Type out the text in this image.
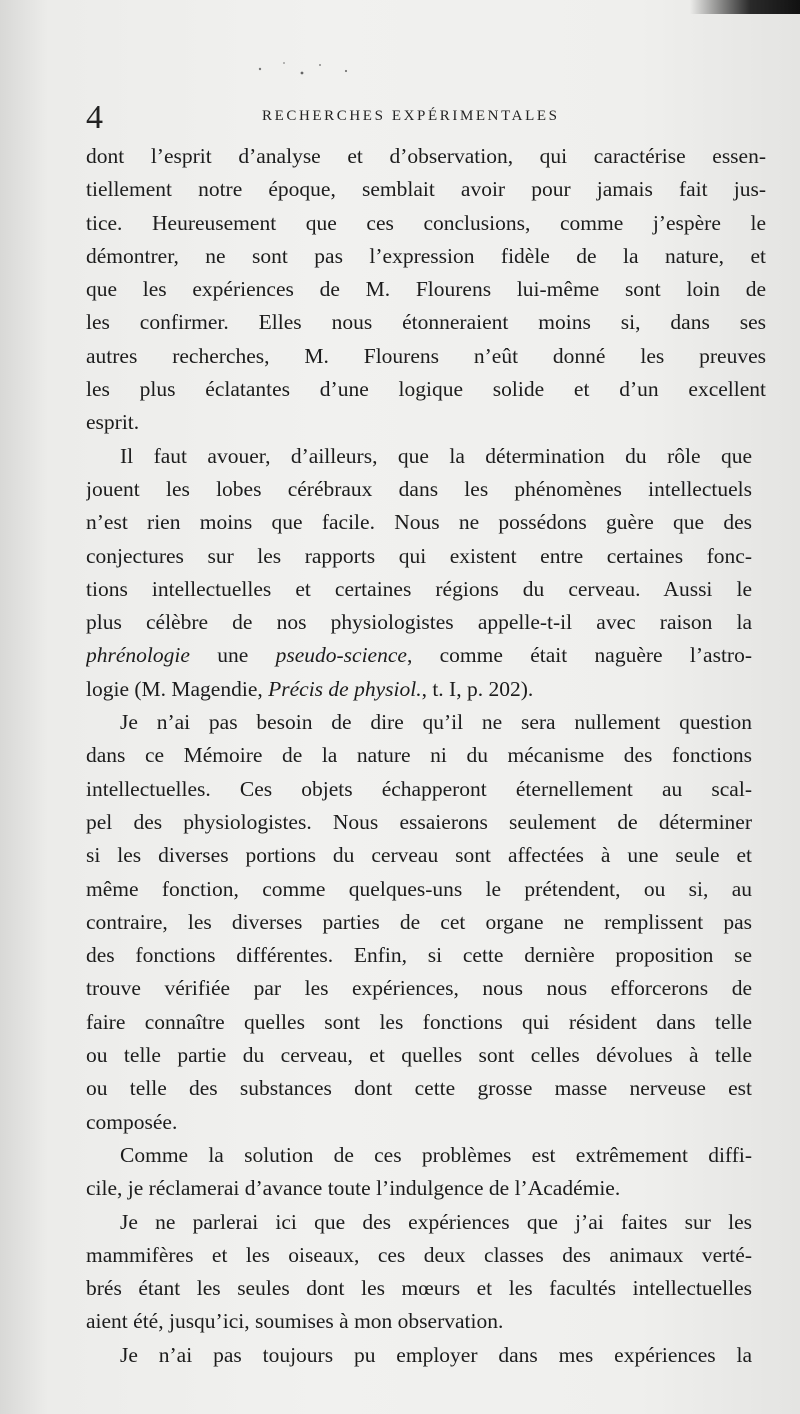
4	RECHERCHES EXPÉRIMENTALES
dont l’esprit d’analyse et d’observation, qui caractérise essen-
tiellement notre époque, semblait avoir pour jamais fait jus-
tice. Heureusement que ces conclusions, comme j’espère le
démontrer, ne sont pas l’expression fidèle de la nature, et
que les expériences de M. Flourens lui-même sont loin de
les confirmer. Elles nous étonneraient moins si, dans ses
autres recherches, M. Flourens n’eût donné les preuves
les plus éclatantes d’une logique solide et d’un excellent
esprit.
Il faut avouer, d’ailleurs, que la détermination du rôle que
jouent les lobes cérébraux dans les phénomènes intellectuels
n’est rien moins que facile. Nous ne possédons guère que des
conjectures sur les rapports qui existent entre certaines fonc-
tions intellectuelles et certaines régions du cerveau. Aussi le
plus célèbre de nos physiologistes appelle-t-il avec raison la
phrénologie une pseudo-science, comme était naguère l’astro-
logie (M. Magendie, Précis de physiol., t. I, p. 202).
Je n’ai pas besoin de dire qu’il ne sera nullement question
dans ce Mémoire de la nature ni du mécanisme des fonctions
intellectuelles. Ces objets échapperont éternellement au scal-
pel des physiologistes. Nous essaierons seulement de déterminer
si les diverses portions du cerveau sont affectées à une seule et
même fonction, comme quelques-uns le prétendent, ou si, au
contraire, les diverses parties de cet organe ne remplissent pas
des fonctions différentes. Enfin, si cette dernière proposition se
trouve vérifiée par les expériences, nous nous efforcerons de
faire connaître quelles sont les fonctions qui résident dans telle
ou telle partie du cerveau, et quelles sont celles dévolues à telle
ou telle des substances dont cette grosse masse nerveuse est
composée.
Comme la solution de ces problèmes est extrêmement diffi-
cile, je réclamerai d’avance toute l’indulgence de l’Académie.
Je ne parlerai ici que des expériences que j’ai faites sur les
mammifères et les oiseaux, ces deux classes des animaux verté-
brés étant les seules dont les mœurs et les facultés intellectuelles
aient été, jusqu’ici, soumises à mon observation.
Je n’ai pas toujours pu employer dans mes expériences la
